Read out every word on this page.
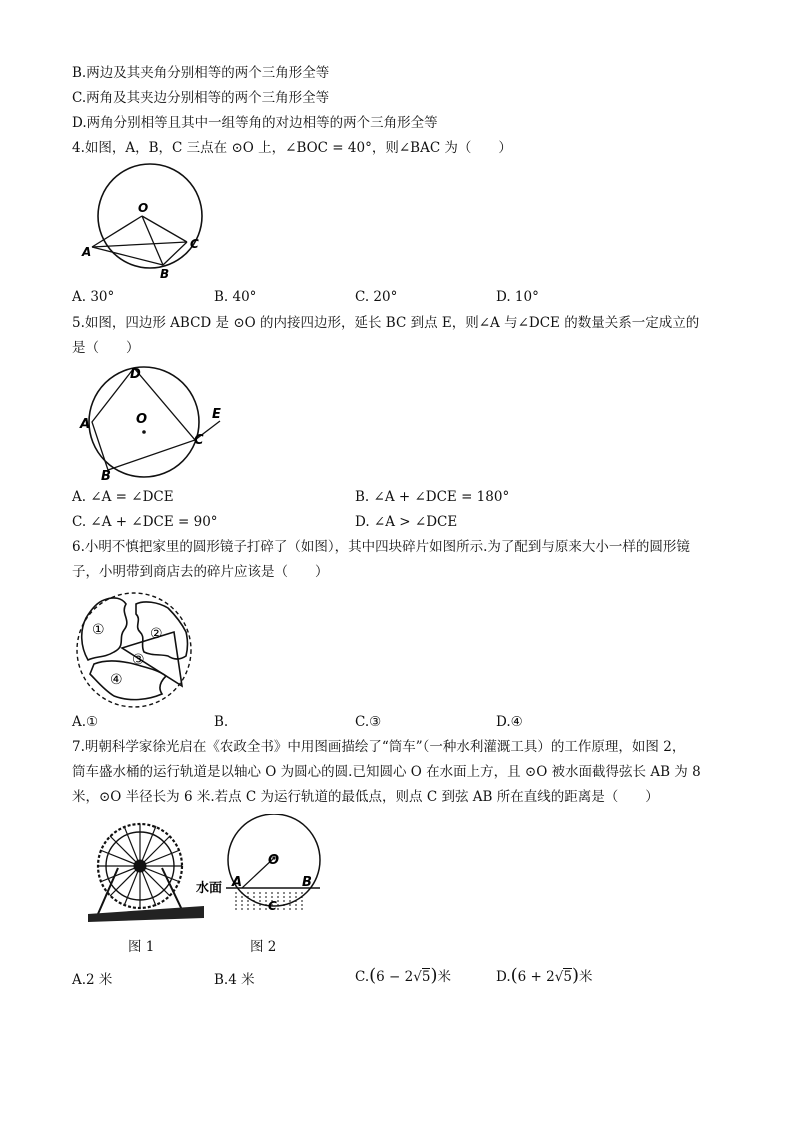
B.两边及其夹角分别相等的两个三角形全等
C.两角及其夹边分别相等的两个三角形全等
D.两角分别相等且其中一组等角的对边相等的两个三角形全等
4.如图，A，B，C 三点在 ⊙O 上，∠BOC = 40°，则∠BAC 为（　　）
O
A
C
B
A. 30°	B. 40°	C. 20°	D. 10°
5.如图，四边形 ABCD 是 ⊙O 的内接四边形，延长 BC 到点 E，则∠A 与∠DCE 的数量关系一定成立的
是（　　）
D
A	O	E
C
B
A. ∠A = ∠DCE	B. ∠A + ∠DCE = 180°
C. ∠A + ∠DCE = 90°	D. ∠A > ∠DCE
6.小明不慎把家里的圆形镜子打碎了（如图），其中四块碎片如图所示.为了配到与原来大小一样的圆形镜
子，小明带到商店去的碎片应该是（　　）
①	②
③
④
A.①	B.	C.③	D.④
7.明朝科学家徐光启在《农政全书》中用图画描绘了“筒车”（一种水利灌溉工具）的工作原理，如图 2，
筒车盛水桶的运行轨道是以轴心 O 为圆心的圆.已知圆心 O 在水面上方，且 ⊙O 被水面截得弦长 AB 为 8
米，⊙O 半径长为 6 米.若点 C 为运行轨道的最低点，则点 C 到弦 AB 所在直线的距离是（　　）
图 1
水面 A	B
O
C
图 2
A.2 米	B.4 米	C.(6 − 2√5)米	D.(6 + 2√5)米
